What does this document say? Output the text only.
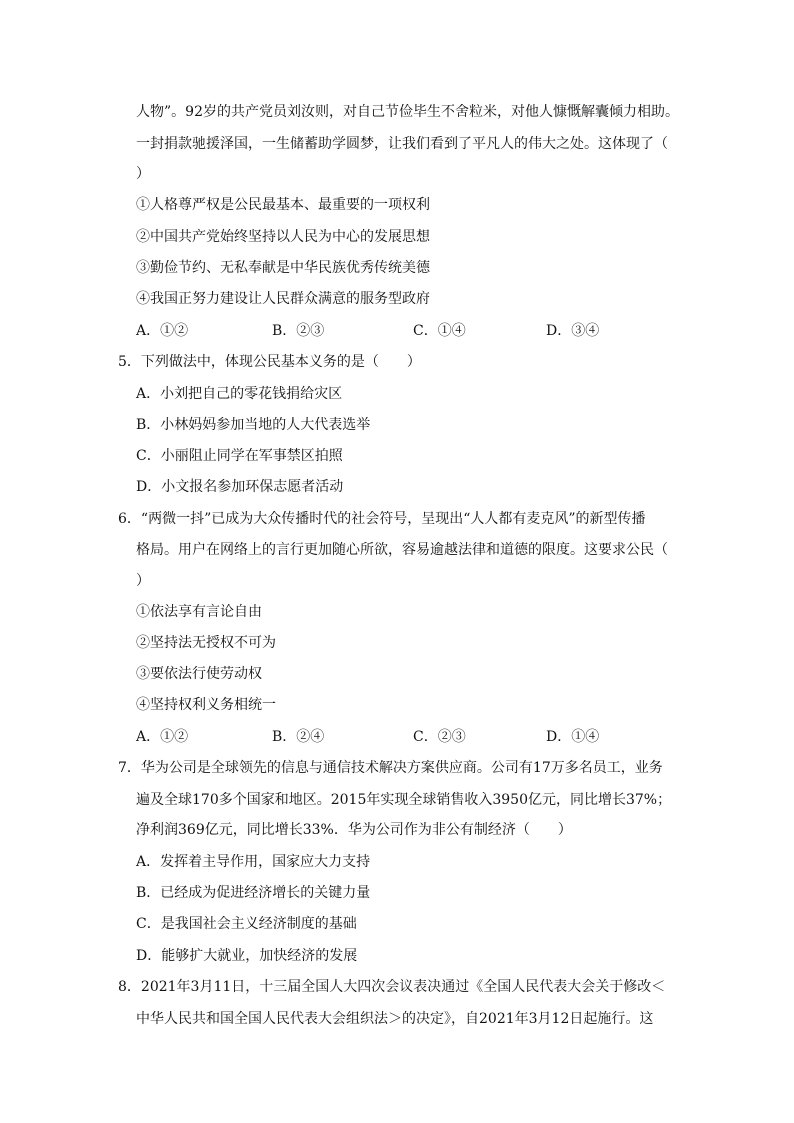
人物”。92岁的共产党员刘汝则，对自己节俭毕生不舍粒米，对他人慷慨解囊倾力相助。
一封捐款驰援泽国，一生储蓄助学圆梦，让我们看到了平凡人的伟大之处。这体现了（
）
①人格尊严权是公民最基本、最重要的一项权利
②中国共产党始终坚持以人民为中心的发展思想
③勤俭节约、无私奉献是中华民族优秀传统美德
④我国正努力建设让人民群众满意的服务型政府
A．①②	B．②③	C．①④	D．③④
5．下列做法中，体现公民基本义务的是（　　）
A．小刘把自己的零花钱捐给灾区
B．小林妈妈参加当地的人大代表选举
C．小丽阻止同学在军事禁区拍照
D．小文报名参加环保志愿者活动
6．“两微一抖”已成为大众传播时代的社会符号，呈现出“人人都有麦克风”的新型传播
格局。用户在网络上的言行更加随心所欲，容易逾越法律和道德的限度。这要求公民（
）
①依法享有言论自由
②坚持法无授权不可为
③要依法行使劳动权
④坚持权利义务相统一
A．①②	B．②④	C．②③	D．①④
7．华为公司是全球领先的信息与通信技术解决方案供应商。公司有17万多名员工，业务
遍及全球170多个国家和地区。2015年实现全球销售收入3950亿元，同比增长37%；
净利润369亿元，同比增长33%．华为公司作为非公有制经济（　　）
A．发挥着主导作用，国家应大力支持
B．已经成为促进经济增长的关键力量
C．是我国社会主义经济制度的基础
D．能够扩大就业，加快经济的发展
8．2021年3月11日，十三届全国人大四次会议表决通过《全国人民代表大会关于修改＜
中华人民共和国全国人民代表大会组织法＞的决定》，自2021年3月12日起施行。这
